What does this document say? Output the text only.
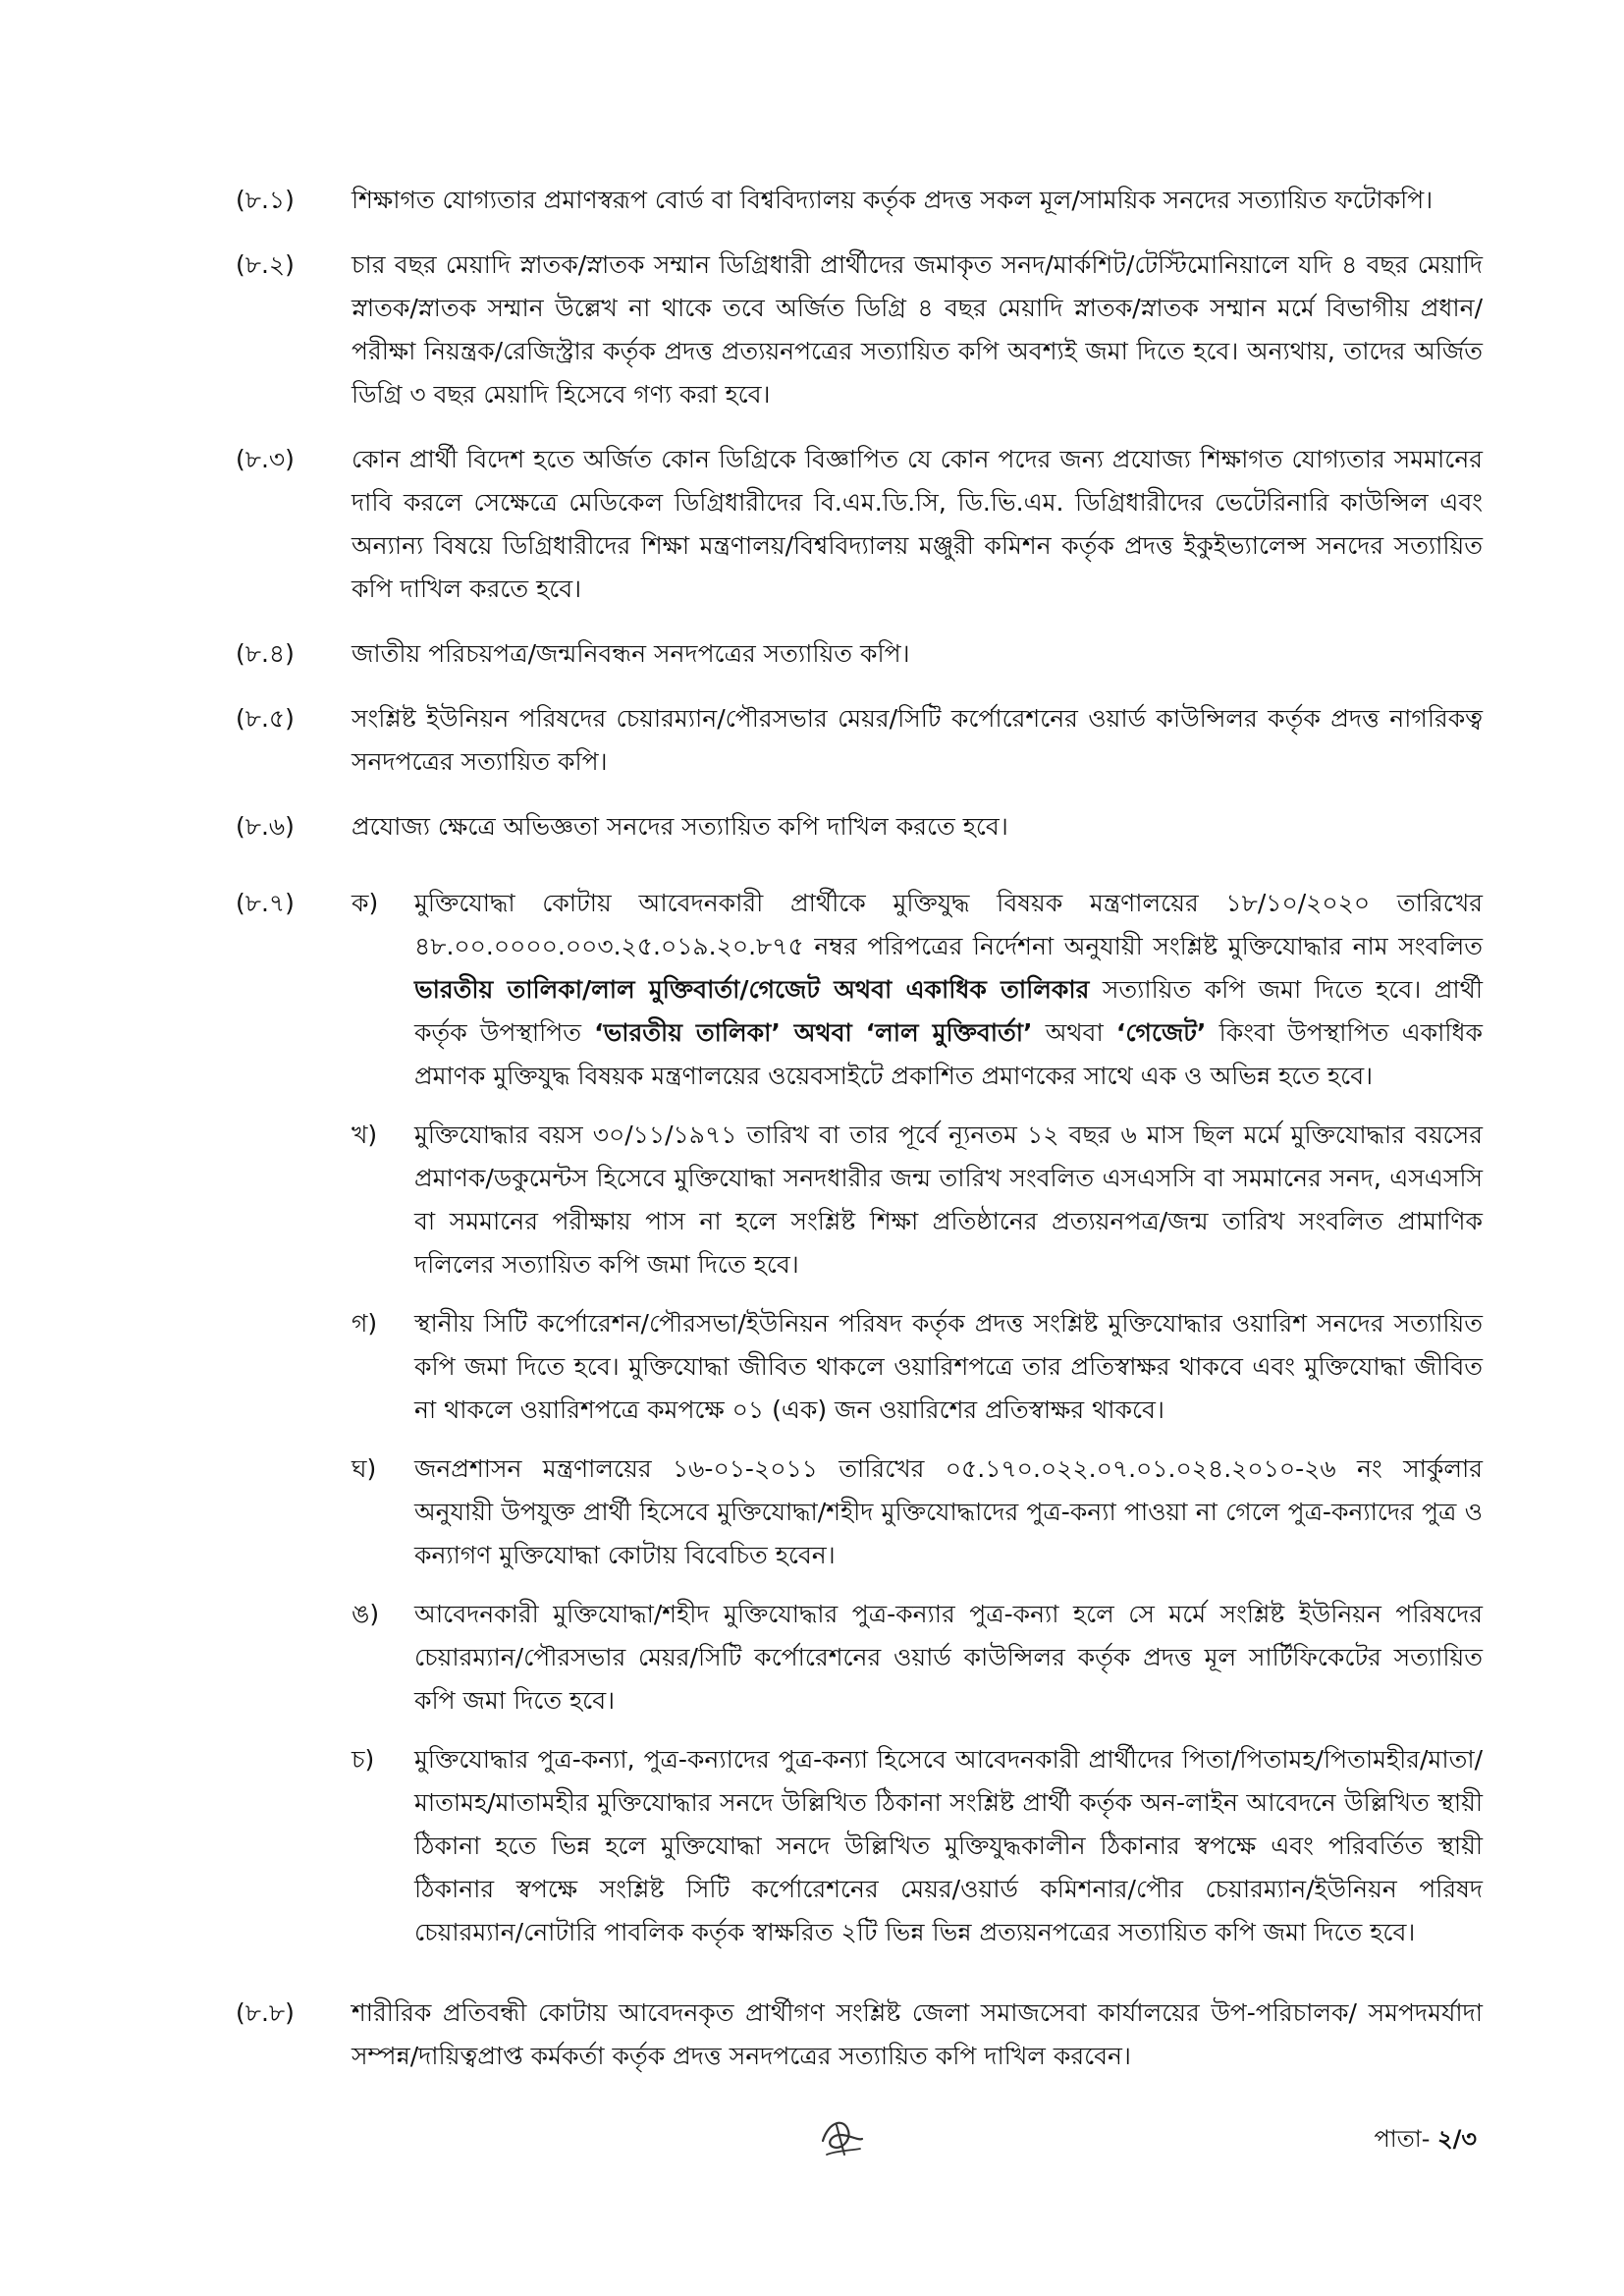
(৮.১)	শিক্ষাগত যোগ্যতার প্রমাণস্বরূপ বোর্ড বা বিশ্ববিদ্যালয় কর্তৃক প্রদত্ত সকল মূল/সাময়িক সনদের সত্যায়িত ফটোকপি।
(৮.২)	চার বছর মেয়াদি স্নাতক/স্নাতক সম্মান ডিগ্রিধারী প্রার্থীদের জমাকৃত সনদ/মার্কশিট/টেস্টিমোনিয়ালে যদি ৪ বছর মেয়াদি স্নাতক/স্নাতক সম্মান উল্লেখ না থাকে তবে অর্জিত ডিগ্রি ৪ বছর মেয়াদি স্নাতক/স্নাতক সম্মান মর্মে বিভাগীয় প্রধান/পরীক্ষা নিয়ন্ত্রক/রেজিস্ট্রার কর্তৃক প্রদত্ত প্রত্যয়নপত্রের সত্যায়িত কপি অবশ্যই জমা দিতে হবে। অন্যথায়, তাদের অর্জিত ডিগ্রি ৩ বছর মেয়াদি হিসেবে গণ্য করা হবে।
(৮.৩)	কোন প্রার্থী বিদেশ হতে অর্জিত কোন ডিগ্রিকে বিজ্ঞাপিত যে কোন পদের জন্য প্রযোজ্য শিক্ষাগত যোগ্যতার সমমানের দাবি করলে সেক্ষেত্রে মেডিকেল ডিগ্রিধারীদের বি.এম.ডি.সি, ডি.ভি.এম. ডিগ্রিধারীদের ভেটেরিনারি কাউন্সিল এবং অন্যান্য বিষয়ে ডিগ্রিধারীদের শিক্ষা মন্ত্রণালয়/বিশ্ববিদ্যালয় মঞ্জুরী কমিশন কর্তৃক প্রদত্ত ইকুইভ্যালেন্স সনদের সত্যায়িত কপি দাখিল করতে হবে।
(৮.৪)	জাতীয় পরিচয়পত্র/জন্মনিবন্ধন সনদপত্রের সত্যায়িত কপি।
(৮.৫)	সংশ্লিষ্ট ইউনিয়ন পরিষদের চেয়ারম্যান/পৌরসভার মেয়র/সিটি কর্পোরেশনের ওয়ার্ড কাউন্সিলর কর্তৃক প্রদত্ত নাগরিকত্ব সনদপত্রের সত্যায়িত কপি।
(৮.৬)	প্রযোজ্য ক্ষেত্রে অভিজ্ঞতা সনদের সত্যায়িত কপি দাখিল করতে হবে।
(৮.৭)	ক)	মুক্তিযোদ্ধা কোটায় আবেদনকারী প্রার্থীকে মুক্তিযুদ্ধ বিষয়ক মন্ত্রণালয়ের ১৮/১০/২০২০ তারিখের ৪৮.০০.০০০০.০০৩.২৫.০১৯.২০.৮৭৫ নম্বর পরিপত্রের নির্দেশনা অনুযায়ী সংশ্লিষ্ট মুক্তিযোদ্ধার নাম সংবলিত ভারতীয় তালিকা/লাল মুক্তিবার্তা/গেজেট অথবা একাধিক তালিকার সত্যায়িত কপি জমা দিতে হবে। প্রার্থী কর্তৃক উপস্থাপিত ‘ভারতীয় তালিকা’ অথবা ‘লাল মুক্তিবার্তা’ অথবা ‘গেজেট’ কিংবা উপস্থাপিত একাধিক প্রমাণক মুক্তিযুদ্ধ বিষয়ক মন্ত্রণালয়ের ওয়েবসাইটে প্রকাশিত প্রমাণকের সাথে এক ও অভিন্ন হতে হবে।
খ)	মুক্তিযোদ্ধার বয়স ৩০/১১/১৯৭১ তারিখ বা তার পূর্বে ন্যূনতম ১২ বছর ৬ মাস ছিল মর্মে মুক্তিযোদ্ধার বয়সের প্রমাণক/ডকুমেন্টস হিসেবে মুক্তিযোদ্ধা সনদধারীর জন্ম তারিখ সংবলিত এসএসসি বা সমমানের সনদ, এসএসসি বা সমমানের পরীক্ষায় পাস না হলে সংশ্লিষ্ট শিক্ষা প্রতিষ্ঠানের প্রত্যয়নপত্র/জন্ম তারিখ সংবলিত প্রামাণিক দলিলের সত্যায়িত কপি জমা দিতে হবে।
গ)	স্থানীয় সিটি কর্পোরেশন/পৌরসভা/ইউনিয়ন পরিষদ কর্তৃক প্রদত্ত সংশ্লিষ্ট মুক্তিযোদ্ধার ওয়ারিশ সনদের সত্যায়িত কপি জমা দিতে হবে। মুক্তিযোদ্ধা জীবিত থাকলে ওয়ারিশপত্রে তার প্রতিস্বাক্ষর থাকবে এবং মুক্তিযোদ্ধা জীবিত না থাকলে ওয়ারিশপত্রে কমপক্ষে ০১ (এক) জন ওয়ারিশের প্রতিস্বাক্ষর থাকবে।
ঘ)	জনপ্রশাসন মন্ত্রণালয়ের ১৬-০১-২০১১ তারিখের ০৫.১৭০.০২২.০৭.০১.০২৪.২০১০-২৬ নং সার্কুলার অনুযায়ী উপযুক্ত প্রার্থী হিসেবে মুক্তিযোদ্ধা/শহীদ মুক্তিযোদ্ধাদের পুত্র-কন্যা পাওয়া না গেলে পুত্র-কন্যাদের পুত্র ও কন্যাগণ মুক্তিযোদ্ধা কোটায় বিবেচিত হবেন।
ঙ)	আবেদনকারী মুক্তিযোদ্ধা/শহীদ মুক্তিযোদ্ধার পুত্র-কন্যার পুত্র-কন্যা হলে সে মর্মে সংশ্লিষ্ট ইউনিয়ন পরিষদের চেয়ারম্যান/পৌরসভার মেয়র/সিটি কর্পোরেশনের ওয়ার্ড কাউন্সিলর কর্তৃক প্রদত্ত মূল সার্টিফিকেটের সত্যায়িত কপি জমা দিতে হবে।
চ)	মুক্তিযোদ্ধার পুত্র-কন্যা, পুত্র-কন্যাদের পুত্র-কন্যা হিসেবে আবেদনকারী প্রার্থীদের পিতা/পিতামহ/পিতামহীর/মাতা/মাতামহ/মাতামহীর মুক্তিযোদ্ধার সনদে উল্লিখিত ঠিকানা সংশ্লিষ্ট প্রার্থী কর্তৃক অন-লাইন আবেদনে উল্লিখিত স্থায়ী ঠিকানা হতে ভিন্ন হলে মুক্তিযোদ্ধা সনদে উল্লিখিত মুক্তিযুদ্ধকালীন ঠিকানার স্বপক্ষে এবং পরিবর্তিত স্থায়ী ঠিকানার স্বপক্ষে সংশ্লিষ্ট সিটি কর্পোরেশনের মেয়র/ওয়ার্ড কমিশনার/পৌর চেয়ারম্যান/ইউনিয়ন পরিষদ চেয়ারম্যান/নোটারি পাবলিক কর্তৃক স্বাক্ষরিত ২টি ভিন্ন ভিন্ন প্রত্যয়নপত্রের সত্যায়িত কপি জমা দিতে হবে।
(৮.৮)	শারীরিক প্রতিবন্ধী কোটায় আবেদনকৃত প্রার্থীগণ সংশ্লিষ্ট জেলা সমাজসেবা কার্যালয়ের উপ-পরিচালক/ সমপদমর্যাদা সম্পন্ন/দায়িত্বপ্রাপ্ত কর্মকর্তা কর্তৃক প্রদত্ত সনদপত্রের সত্যায়িত কপি দাখিল করবেন।
পাতা- ২/৩
